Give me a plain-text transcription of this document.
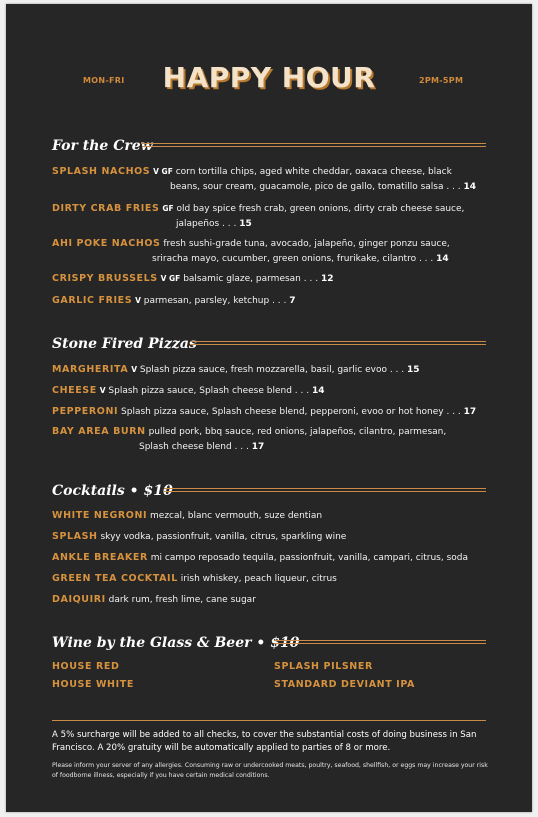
MON-FRI	HAPPY HOUR	2PM-5PM
For the Crew
SPLASH NACHOS V GF corn tortilla chips, aged white cheddar, oaxaca cheese, black
beans, sour cream, guacamole, pico de gallo, tomatillo salsa . . . 14
DIRTY CRAB FRIES GF old bay spice fresh crab, green onions, dirty crab cheese sauce,
jalapeños . . . 15
AHI POKE NACHOS fresh sushi-grade tuna, avocado, jalapeño, ginger ponzu sauce,
sriracha mayo, cucumber, green onions, frurikake, cilantro . . . 14
CRISPY BRUSSELS V GF balsamic glaze, parmesan . . . 12
GARLIC FRIES V parmesan, parsley, ketchup . . . 7
Stone Fired Pizzas
MARGHERITA V Splash pizza sauce, fresh mozzarella, basil, garlic evoo . . . 15
CHEESE V Splash pizza sauce, Splash cheese blend . . . 14
PEPPERONI Splash pizza sauce, Splash cheese blend, pepperoni, evoo or hot honey . . . 17
BAY AREA BURN pulled pork, bbq sauce, red onions, jalapeños, cilantro, parmesan,
Splash cheese blend . . . 17
Cocktails • $10
WHITE NEGRONI mezcal, blanc vermouth, suze dentian
SPLASH skyy vodka, passionfruit, vanilla, citrus, sparkling wine
ANKLE BREAKER mi campo reposado tequila, passionfruit, vanilla, campari, citrus, soda
GREEN TEA COCKTAIL irish whiskey, peach liqueur, citrus
DAIQUIRI dark rum, fresh lime, cane sugar
Wine by the Glass & Beer • $10
HOUSE RED	SPLASH PILSNER
HOUSE WHITE	STANDARD DEVIANT IPA
A 5% surcharge will be added to all checks, to cover the substantial costs of doing business in San Francisco. A 20% gratuity will be automatically applied to parties of 8 or more.
Please inform your server of any allergies. Consuming raw or undercooked meats, poultry, seafood, shellfish, or eggs may increase your risk of foodborne illness, especially if you have certain medical conditions.
